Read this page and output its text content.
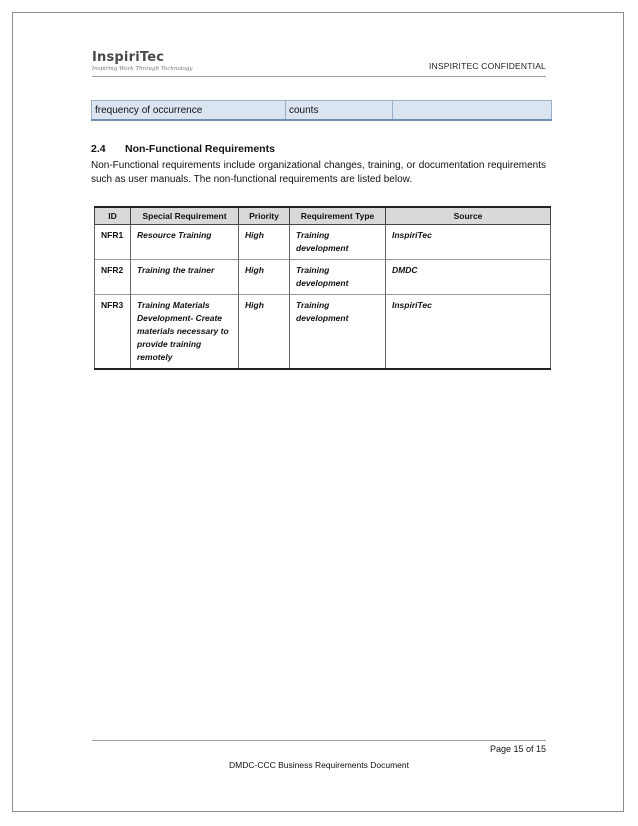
InspiriTec
Inspiring Work Through Technology	INSPIRITEC CONFIDENTIAL
frequency of occurrence	counts	
2.4 Non-Functional Requirements
Non-Functional requirements include organizational changes, training, or documentation requirements such as user manuals. The non-functional requirements are listed below.
ID	Special Requirement	Priority	Requirement Type	Source
NFR1	Resource Training	High	Training development	InspiriTec
NFR2	Training the trainer	High	Training development	DMDC
NFR3	Training Materials Development- Create materials necessary to provide training remotely	High	Training development	InspiriTec
Page 15 of 15
DMDC-CCC Business Requirements Document
